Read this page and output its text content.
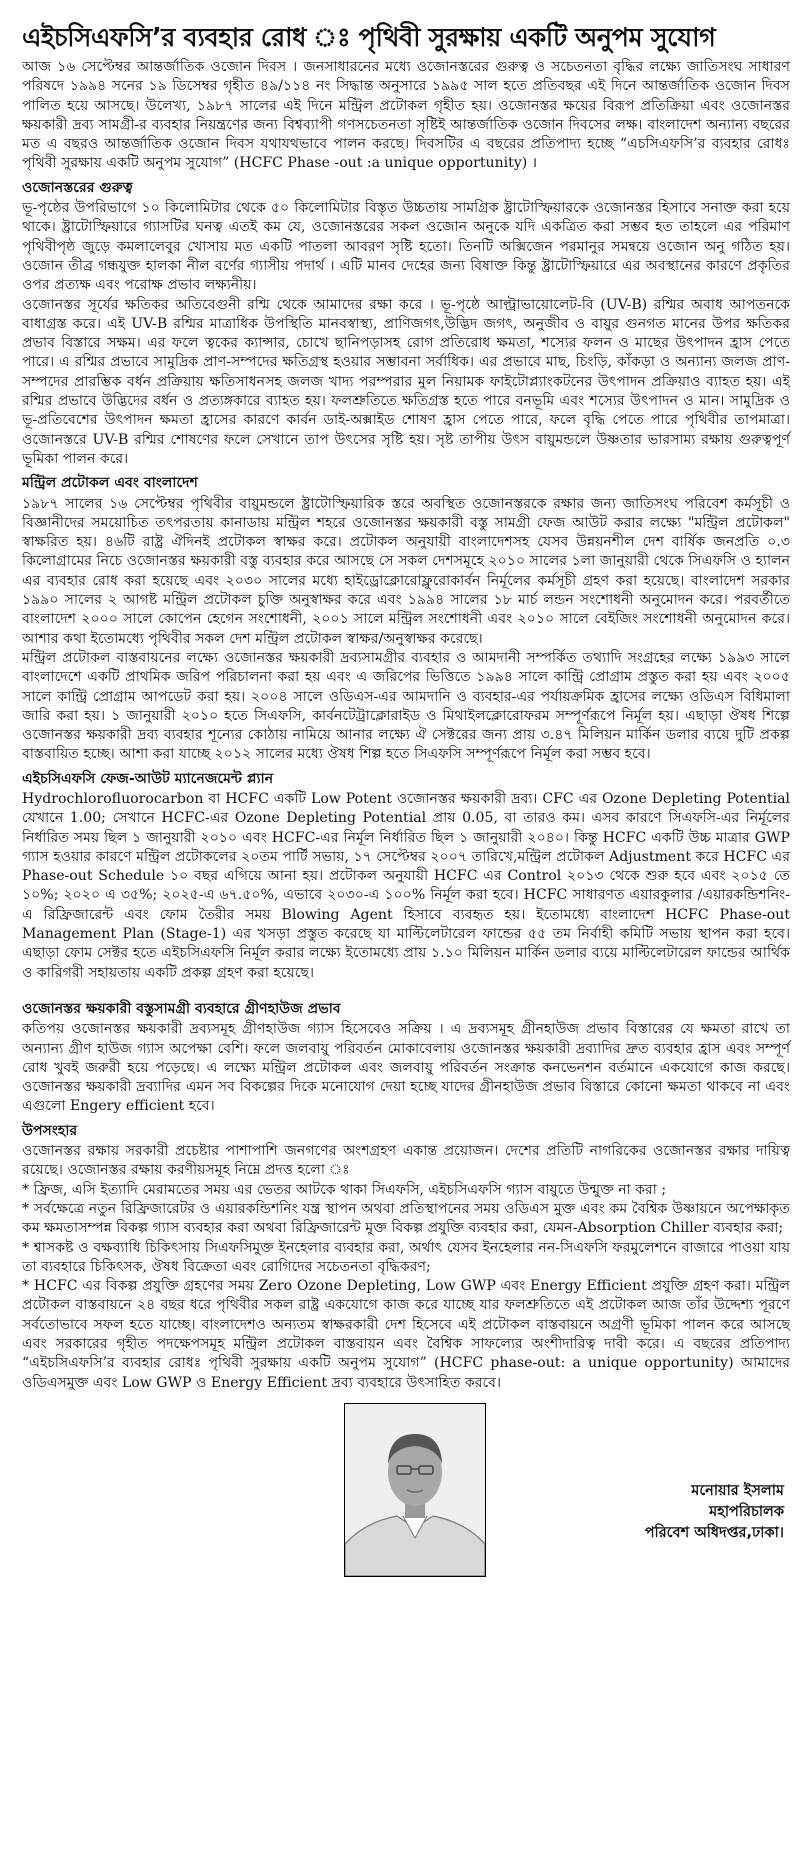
এইচসিএফসি’র ব্যবহার রোধ ঃ পৃথিবী সুরক্ষায় একটি অনুপম সুযোগ

আজ ১৬ সেপ্টেম্বর আন্তর্জাতিক ওজোন দিবস । জনসাধারনের মধ্যে ওজোনস্তরের গুরুত্ব ও সচেতনতা বৃদ্ধির লক্ষ্যে জাতিসংঘ সাধারণ পরিষদে ১৯৯৪ সনের ১৯ ডিসেম্বর গৃহীত ৪৯/১১৪ নং সিদ্ধান্ত অনুসারে ১৯৯৫ সাল হতে প্রতিবছর এই দিনে আন্তর্জাতিক ওজোন দিবস পালিত হয়ে আসছে। উলেখ্য, ১৯৮৭ সালের এই দিনে মন্ট্রিল প্রটোকল গৃহীত হয়। ওজোনস্তর ক্ষয়ের বিরূপ প্রতিক্রিয়া এবং ওজোনস্তর ক্ষয়কারী দ্রব্য সামগ্রী-র ব্যবহার নিয়ন্ত্রণের জন্য বিশ্বব্যাপী গণসচেতনতা সৃষ্টিই আন্তর্জাতিক ওজোন দিবসের লক্ষ। বাংলাদেশ অন্যান্য বছরের মত এ বছরও আন্তর্জাতিক ওজোন দিবস যথাযথভাবে পালন করছে। দিবসটির এ বছরের প্রতিপাদ্য হচ্ছে “এচসিএফসি’র ব্যবহার রোধঃ পৃথিবী সুরক্ষায় একটি অনুপম সুযোগ” (HCFC Phase -out :a unique opportunity) ।

ওজোনস্তরের গুরুত্ব

ভূ-পৃষ্ঠের উপরিভাগে ১০ কিলোমিটার থেকে ৫০ কিলোমিটার বিস্তৃত উচ্চতায় সামগ্রিক ষ্ট্রাটোস্ফিয়ারকে ওজোনস্তর হিসাবে সনাক্ত করা হয়ে থাকে। ষ্ট্রাটোস্ফিয়ারে গ্যাসটির ঘনত্ব এতই কম যে, ওজোনস্তরের সকল ওজোন অনুকে যদি একত্রিত করা সম্ভব হত তাহলে এর পরিমাণ পৃথিবীপৃষ্ঠ জুড়ে কমলালেবুর খোসায় মত একটি পাতলা আবরণ সৃষ্টি হতো। তিনটি অক্সিজেন পরমানুর সমন্বয়ে ওজোন অনু গঠিত হয়। ওজোন তীব্র গন্ধযুক্ত হালকা নীল বর্ণের গ্যাসীয় পদার্থ । এটি মানব দেহের জন্য বিষাক্ত কিন্তু ষ্ট্রাটোস্ফিয়ারে এর অবস্থানের কারণে প্রকৃতির ওপর প্রত্যক্ষ এবং পরোক্ষ প্রভাব লক্ষ্যনীয়।

ওজোনস্তর সূর্যের ক্ষতিকর অতিবেগুনী রশ্মি থেকে আমাদের রক্ষা করে । ভূ-পৃষ্ঠে আল্ট্রাভায়োলেট-বি (UV-B) রশ্মির অবাধ আপতনকে বাধাগ্রস্ত করে। এই UV-B রশ্মির মাত্রাধিক উপস্থিতি মানবস্বাস্থ্য, প্রাণিজগৎ,উদ্ভিদ জগৎ, অনুজীব ও বায়ুর গুনগত মানের উপর ক্ষতিকর প্রভাব বিস্তারে সক্ষম। এর ফলে ত্বকের ক্যান্সার, চোখে ছানিপড়াসহ রোগ প্রতিরোধ ক্ষমতা, শস্যের ফলন ও মাছের উৎপাদন হ্রাস পেতে পারে। এ রশ্মির প্রভাবে সামুদ্রিক প্রাণ-সম্পদের ক্ষতিগ্রস্থ হওয়ার সম্ভাবনা সর্বাধিক। এর প্রভাবে মাছ, চিংড়ি, কাঁকড়া ও অন্যান্য জলজ প্রাণ-সম্পদের প্রারম্ভিক বর্ধন প্রক্রিয়ায় ক্ষতিসাধনসহ জলজ খাদ্য পরম্পরার মুল নিয়ামক ফাইটোপ্ল্যাংকটনের উৎপাদন প্রক্রিয়াও ব্যাহত হয়। এই রশ্মির প্রভাবে উদ্ভিদের বর্ধন ও প্রত্যঙ্গকারে ব্যাহত হয়। ফলশ্রুতিতে ক্ষতিগ্রস্ত হতে পারে বনভূমি এবং শস্যের উৎপাদন ও মান। সামুদ্রিক ও ভূ-প্রতিবেশের উৎপাদন ক্ষমতা হ্রাসের কারণে কার্বন ডাই-অক্সাইড শোষণ হ্রাস পেতে পারে, ফলে বৃদ্ধি পেতে পারে পৃথিবীর তাপমাত্রা। ওজোনস্তরে UV-B রশ্মির শোষণের ফলে সেখানে তাপ উৎসের সৃষ্টি হয়। সৃষ্ট তাপীয় উৎস বায়ুমন্ডলে উষ্ণতার ভারসাম্য রক্ষায় গুরুত্বপূর্ণ ভূমিকা পালন করে।

মন্ট্রিল প্রটোকল এবং বাংলাদেশ

১৯৮৭ সালের ১৬ সেপ্টেম্বর পৃথিবীর বায়ুমন্ডলে ষ্ট্রাটোস্ফিয়ারিক স্তরে অবস্থিত ওজোনস্তরকে রক্ষার জন্য জাতিসংঘ পরিবেশ কর্মসূচী ও বিজ্ঞানীদের সময়োচিত তৎপরতায় কানাডায় মন্ট্রিল শহরে ওজোনস্তর ক্ষয়কারী বস্তু সামগ্রী ফেজ আউট করার লক্ষ্যে "মন্ট্রিল প্রটোকল" স্বাক্ষরিত হয়। ৪৬টি রাষ্ট্র ঐদিনই প্রটোকল স্বাক্ষর করে। প্রটোকল অনুযায়ী বাংলাদেশসহ যেসব উন্নয়নশীল দেশ বার্ষিক জনপ্রতি ০.৩ কিলোগ্রামের নিচে ওজোনস্তর ক্ষয়কারী বস্তু ব্যবহার করে আসছে সে সকল দেশসমূহে ২০১০ সালের ১লা জানুয়ারী থেকে সিএফসি ও হ্যালন এর ব্যবহার রোধ করা হয়েছে এবং ২০৩০ সালের মধ্যে হাইড্রোক্লোরোফ্লুরোকার্বন নির্মূলের কর্মসূচী গ্রহণ করা হয়েছে। বাংলাদেশ সরকার ১৯৯০ সালের ২ আগষ্ট মন্ট্রিল প্রটোকল চুক্তি অনুস্বাক্ষর করে এবং ১৯৯৪ সালের ১৮ মার্চ লন্ডন সংশোধনী অনুমোদন করে। পরবর্তীতে বাংলাদেশ ২০০০ সালে কোপেন হেগেন সংশোধনী, ২০০১ সালে মন্ট্রিল সংশোধনী এবং ২০১০ সালে বেইজিং সংশোধনী অনুমোদন করে। আশার কথা ইতোমধ্যে পৃথিবীর সকল দেশ মন্ট্রিল প্রটোকল স্বাক্ষর/অনুস্বাক্ষর করেছে।

মন্ট্রিল প্রটোকল বাস্তবায়নের লক্ষ্যে ওজোনস্তর ক্ষয়কারী দ্রব্যসামগ্রীর ব্যবহার ও আমদানী সম্পর্কিত তথ্যাদি সংগ্রহের লক্ষ্যে ১৯৯৩ সালে বাংলাদেশে একটি প্রাথমিক জরিপ পরিচালনা করা হয় এবং এ জরিপের ভিত্তিতে ১৯৯৪ সালে কান্ট্রি প্রোগ্রাম প্রস্তুত করা হয় এবং ২০০৫ সালে কান্ট্রি প্রোগ্রাম আপডেট করা হয়। ২০০৪ সালে ওডিএস-এর আমদানি ও ব্যবহার-এর পর্যায়ক্রমিক হ্রাসের লক্ষ্যে ওডিএস বিধিমালা জারি করা হয়। ১ জানুয়ারী ২০১০ হতে সিএফসি, কার্বনটেট্রাক্লোরাইড ও মিথাইলক্লোরোফরম সম্পূর্ণরূপে নির্মূল হয়। এছাড়া ঔষধ শিল্পে ওজোনস্তর ক্ষয়কারী দ্রব্য ব্যবহার শূন্যের কোঠায় নামিয়ে আনার লক্ষ্যে ঐ সেক্টরের জন্য প্রায় ৩.৪৭ মিলিয়ন মার্কিন ডলার ব্যয়ে দুটি প্রকল্প বাস্তবায়িত হচ্ছে। আশা করা যাচ্ছে ২০১২ সালের মধ্যে ঔষধ শিল্প হতে সিএফসি সম্পূর্ণরূপে নির্মূল করা সম্ভব হবে।

এইচসিএফসি ফেজ-আউট ম্যানেজমেন্ট প্ল্যান

Hydrochlorofluorocarbon বা HCFC একটি Low Potent ওজোনস্তর ক্ষয়কারী দ্রব্য। CFC এর Ozone Depleting Potential যেখানে 1.00; সেখানে HCFC-এর Ozone Depleting Potential প্রায় 0.05, বা তারও কম। এসব কারণে সিএফসি-এর নির্মূলের নির্ধারিত সময় ছিল ১ জানুয়ারী ২০১০ এবং HCFC-এর নির্মূল নির্ধারিত ছিল ১ জানুয়ারী ২০৪০। কিন্তু HCFC একটি উচ্চ মাত্রার GWP গ্যাস হওয়ার কারণে মন্ট্রিল প্রটোকলের ২০তম পার্টি সভায়, ১৭ সেপ্টেম্বর ২০০৭ তারিখে,মন্ট্রিল প্রটোকল Adjustment করে HCFC এর Phase-out Schedule ১০ বছর এগিয়ে আনা হয়। প্রটোকল অনুযায়ী HCFC এর Control ২০১৩ থেকে শুরু হবে এবং ২০১৫ তে ১০%; ২০২০ এ ৩৫%; ২০২৫-এ ৬৭.৫০%, এভাবে ২০৩০-এ ১০০% নির্মূল করা হবে। HCFC সাধারণত এয়ারকুলার /এয়ারকন্ডিশনিং-এ রিফ্রিজারেন্ট এবং ফোম তৈরীর সময় Blowing Agent হিসাবে ব্যবহৃত হয়। ইতোমধ্যে বাংলাদেশ HCFC Phase-out Management Plan (Stage-1) এর খসড়া প্রস্তুত করেছে যা মাল্টিলেটারেল ফান্ডের ৫৫ তম নির্বাহী কমিটি সভায় স্থাপন করা হবে। এছাড়া ফোম সেক্টর হতে এইচসিএফসি নির্মূল করার লক্ষ্যে ইতোমধ্যে প্রায় ১.১০ মিলিয়ন মার্কিন ডলার ব্যয়ে মাল্টিলেটারেল ফান্ডের আর্থিক ও কারিগরী সহায়তায় একটি প্রকল্প গ্রহণ করা হয়েছে।

ওজোনস্তর ক্ষয়কারী বস্তুসামগ্রী ব্যবহারে গ্রীণহাউজ প্রভাব

কতিপয় ওজোনস্তর ক্ষয়কারী দ্রব্যসমূহ গ্রীণহাউজ গ্যাস হিসেবেও সক্রিয় । এ দ্রব্যসমূহ গ্রীনহাউজ প্রভাব বিস্তারের যে ক্ষমতা রাখে তা অন্যান্য গ্রীণ হাউজ গ্যাস অপেক্ষা বেশি। ফলে জলবায়ু পরিবর্তন মোকাবেলায় ওজোনস্তর ক্ষয়কারী দ্রব্যাদির দ্রুত ব্যবহার হ্রাস এবং সম্পূর্ণ রোধ খুবই জরুরী হয়ে পড়েছে। এ লক্ষ্যে মন্ট্রিল প্রটোকল এবং জলবায়ু পরিবর্তন সংক্রান্ত কনভেনশন বর্তমানে একযোগে কাজ করছে। ওজোনস্তর ক্ষয়কারী দ্রব্যাদির এমন সব বিকল্পের দিকে মনোযোগ দেয়া হচ্ছে যাদের গ্রীনহাউজ প্রভাব বিস্তারে কোনো ক্ষমতা থাকবে না এবং এগুলো Engery efficient হবে।

উপসংহার

ওজোনস্তর রক্ষায় সরকারী প্রচেষ্টার পাশাপাশি জনগণের অংশগ্রহণ একান্ত প্রয়োজন। দেশের প্রতিটি নাগরিকের ওজোনস্তর রক্ষার দায়িত্ব রয়েছে। ওজোনস্তর রক্ষায় করণীয়সমূহ নিম্নে প্রদত্ত হলো ঃ

* ফ্রিজ, এসি ইত্যাদি মেরামতের সময় এর ভেতর আটকে থাকা সিএফসি, এইচসিএফসি গ্যাস বায়ুতে উন্মুক্ত না করা ;

* সর্বক্ষেত্রে নতুন রিফ্রিজারেটর ও এয়ারকন্ডিশনিং যন্ত্র স্থাপন অথবা প্রতিস্থাপনের সময় ওডিএস মুক্ত এবং কম বৈশ্বিক উষ্ণায়নে অপেক্ষাকৃত কম ক্ষমতাসম্পন্ন বিকল্প গ্যাস ব্যবহার করা অথবা রিফ্রিজারেন্ট মুক্ত বিকল্প প্রযুক্তি ব্যবহার করা, যেমন-Absorption Chiller ব্যবহার করা;

* শ্বাসকষ্ট ও বক্ষব্যাধি চিকিৎসায় সিএফসিমুক্ত ইনহেলার ব্যবহার করা, অর্থাৎ যেসব ইনহেলার নন-সিএফসি ফরমুলেশনে বাজারে পাওয়া যায় তা ব্যবহারে চিকিৎসক, ঔষধ বিক্রেতা এবং রোগিদের সচেতনতা বৃদ্ধিকরণ;

* HCFC এর বিকল্প প্রযুক্তি গ্রহণের সময় Zero Ozone Depleting, Low GWP এবং Energy Efficient প্রযুক্তি গ্রহণ করা। মন্ট্রিল প্রটোকল বাস্তবায়নে ২৪ বছর ধরে পৃথিবীর সকল রাষ্ট্র একযোগে কাজ করে যাচ্ছে যার ফলশ্রুতিতে এই প্রটোকল আজ তাঁর উদ্দেশ্য পূরণে সর্বতোভাবে সফল হতে যাচ্ছে। বাংলাদেশও অন্যতম স্বাক্ষরকারী দেশ হিসেবে এই প্রটোকল বাস্তবায়নে অগ্রণী ভূমিকা পালন করে আসছে এবং সরকারের গৃহীত পদক্ষেপসমূহ মন্ট্রিল প্রটোকল বাস্তবায়ন এবং বৈশ্বিক সাফল্যের অংশীদারিত্ব দাবী করে। এ বছরের প্রতিপাদ্য “এইচসিএফসি’র ব্যবহার রোধঃ পৃথিবী সুরক্ষায় একটি অনুপম সুযোগ” (HCFC phase-out: a unique opportunity) আমাদের ওডিএসমুক্ত এবং Low GWP ও Energy Efficient দ্রব্য ব্যবহারে উৎসাহিত করবে।

মনোয়ার ইসলাম
মহাপরিচালক
পরিবেশ অধিদপ্তর,ঢাকা।
